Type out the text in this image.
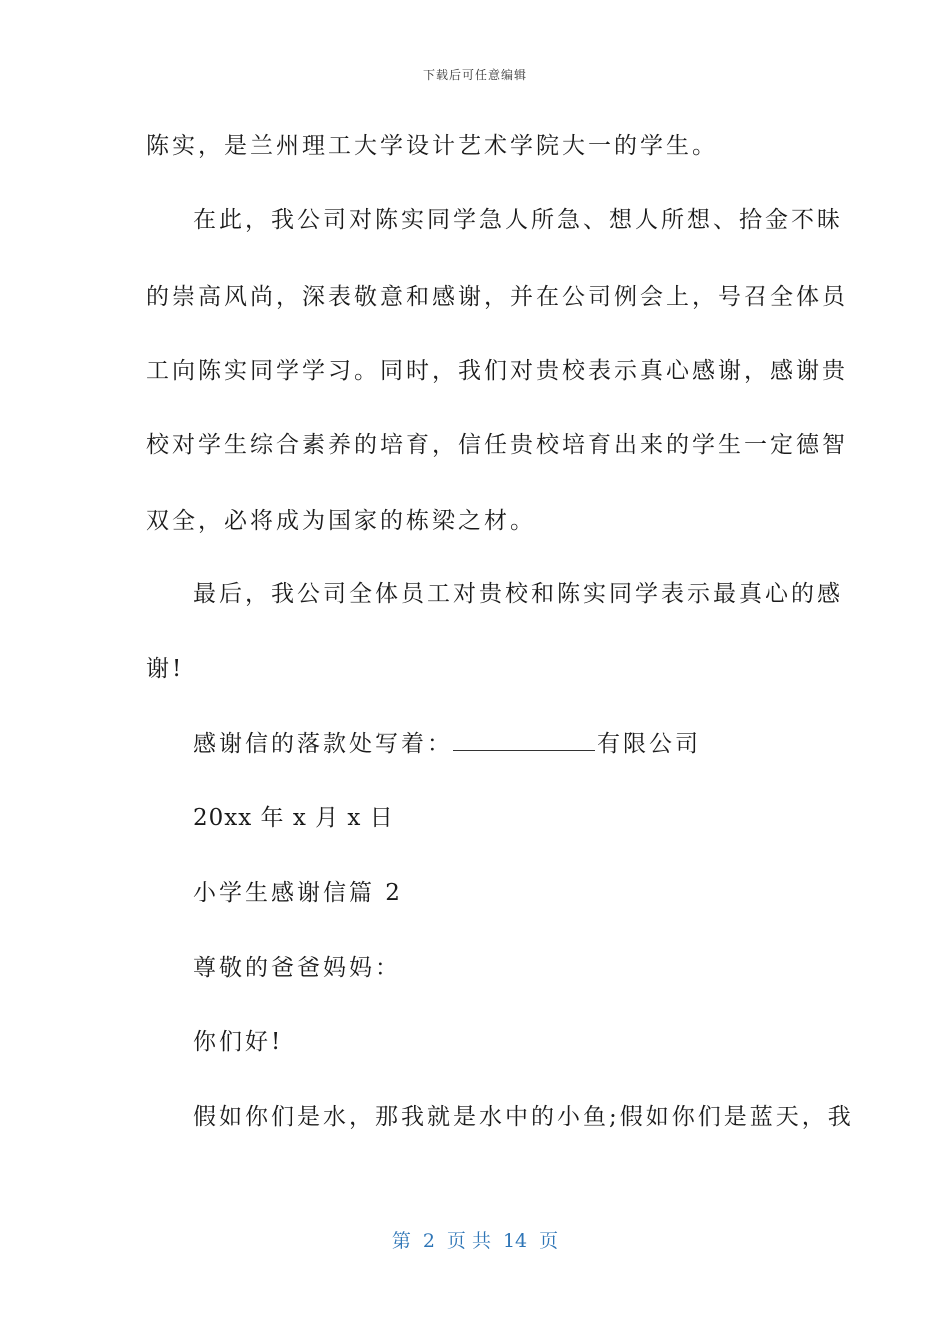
下载后可任意编辑
陈实，是兰州理工大学设计艺术学院大一的学生。
在此，我公司对陈实同学急人所急、想人所想、拾金不昧
的崇高风尚，深表敬意和感谢，并在公司例会上，号召全体员
工向陈实同学学习。同时，我们对贵校表示真心感谢，感谢贵
校对学生综合素养的培育，信任贵校培育出来的学生一定德智
双全，必将成为国家的栋梁之材。
最后，我公司全体员工对贵校和陈实同学表示最真心的感
谢!
感谢信的落款处写着：	有限公司
20xx 年 x 月 x 日
小学生感谢信篇 2
尊敬的爸爸妈妈：
你们好!
假如你们是水，那我就是水中的小鱼;假如你们是蓝天，我
第 2 页 共 14 页
